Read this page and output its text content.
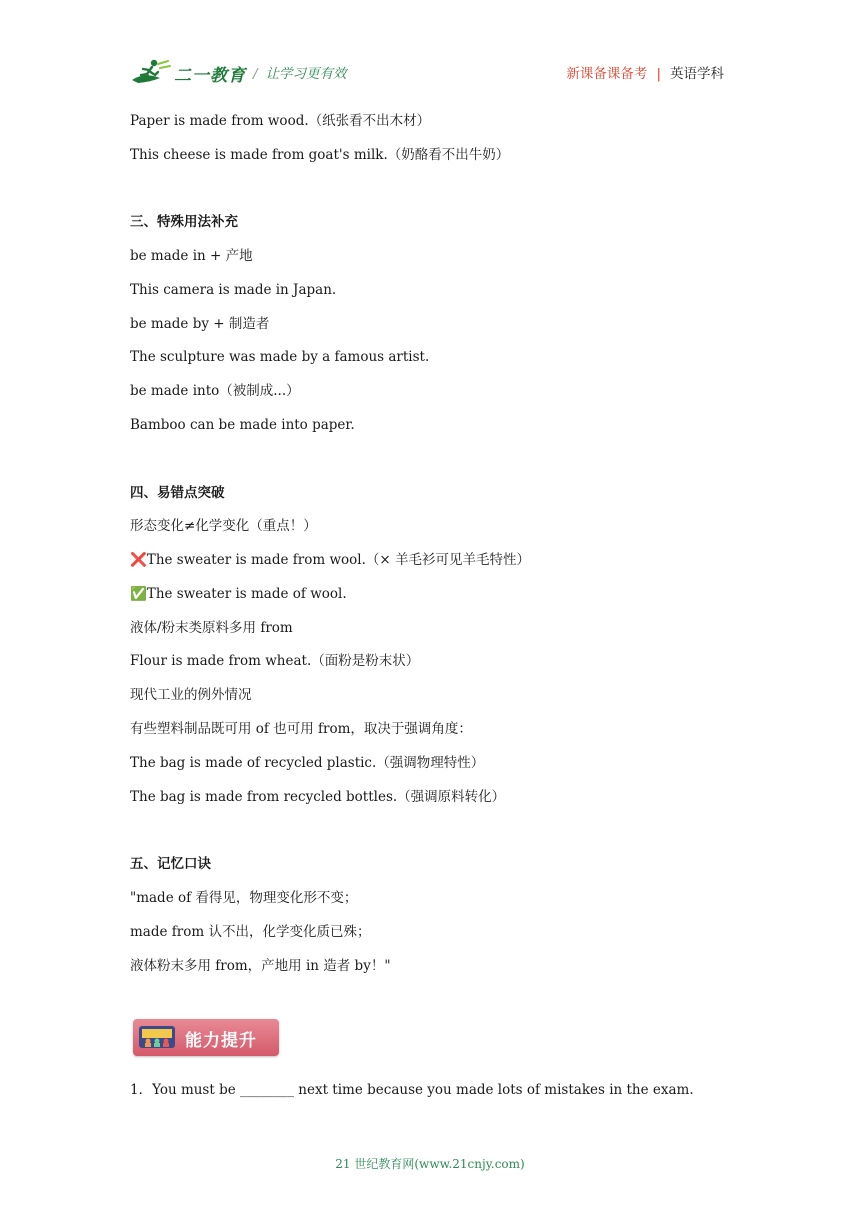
二一教育 / 让学习更有效	新课备课备考 | 英语学科
Paper is made from wood.（纸张看不出木材）
This cheese is made from goat's milk.（奶酪看不出牛奶）
三、特殊用法补充
be made in + 产地
This camera is made in Japan.
be made by + 制造者
The sculpture was made by a famous artist.
be made into（被制成...）
Bamboo can be made into paper.
四、易错点突破
形态变化≠化学变化（重点！）
❌The sweater is made from wool.（× 羊毛衫可见羊毛特性）
✅The sweater is made of wool.
液体/粉末类原料多用 from
Flour is made from wheat.（面粉是粉末状）
现代工业的例外情况
有些塑料制品既可用 of 也可用 from，取决于强调角度：
The bag is made of recycled plastic.（强调物理特性）
The bag is made from recycled bottles.（强调原料转化）
五、记忆口诀
"made of 看得见，物理变化形不变；
made from 认不出，化学变化质已殊；
液体粉末多用 from，产地用 in 造者 by！"
1．You must be ________ next time because you made lots of mistakes in the exam.
能力提升
21 世纪教育网(www.21cnjy.com)
